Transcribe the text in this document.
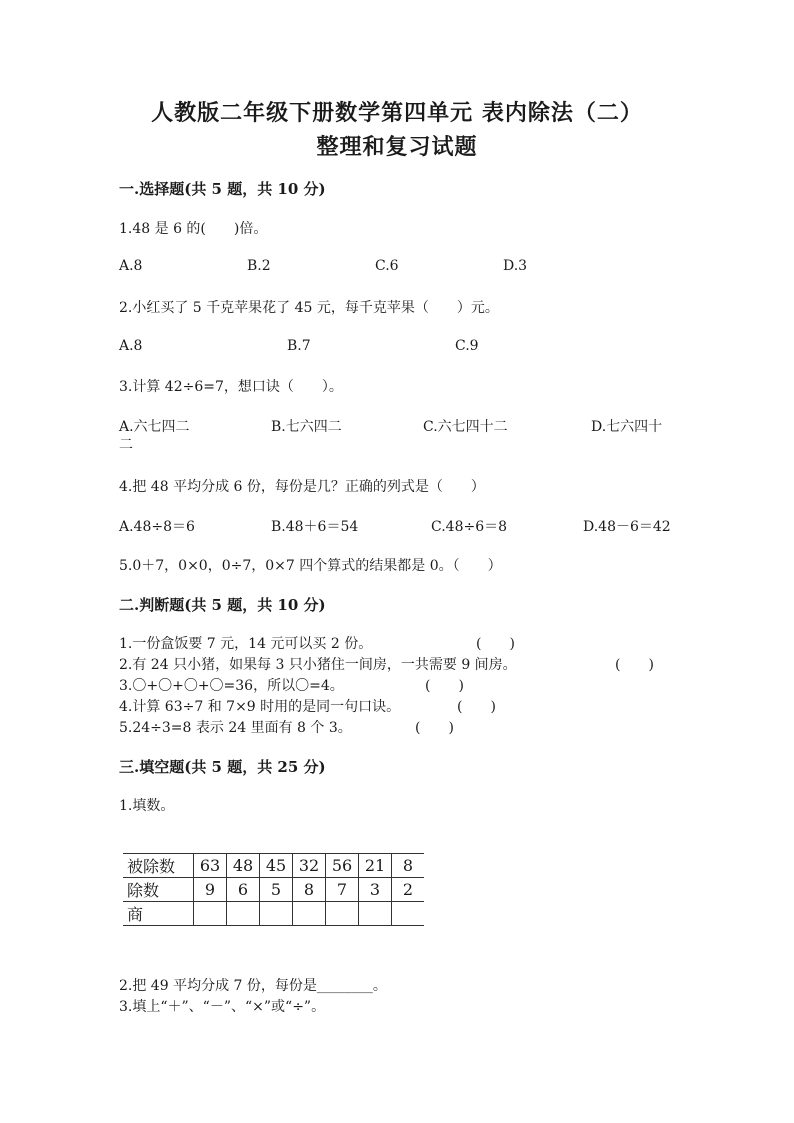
人教版二年级下册数学第四单元 表内除法（二）
整理和复习试题
一.选择题(共 5 题，共 10 分)
1.48 是 6 的(　　)倍。
A.8	B.2	C.6	D.3
2.小红买了 5 千克苹果花了 45 元，每千克苹果（　　）元。
A.8	B.7	C.9
3.计算 42÷6=7，想口诀（　　）。
A.六七四二	B.七六四二	C.六七四十二	D.七六四十
二
4.把 48 平均分成 6 份，每份是几？正确的列式是（　　）
A.48÷8＝6	B.48＋6＝54	C.48÷6＝8	D.48－6＝42
5.0＋7，0×0，0÷7，0×7 四个算式的结果都是 0。（　　）
二.判断题(共 5 题，共 10 分)
1.一份盒饭要 7 元，14 元可以买 2 份。	(　　)
2.有 24 只小猪，如果每 3 只小猪住一间房，一共需要 9 间房。	(　　)
3.〇+〇+〇+〇=36，所以〇=4。	(　　)
4.计算 63÷7 和 7×9 时用的是同一句口诀。	(　　)
5.24÷3=8 表示 24 里面有 8 个 3。	(　　)
三.填空题(共 5 题，共 25 分)
1.填数。
被除数	63	48	45	32	56	21	8
除数	9	6	5	8	7	3	2
商							
2.把 49 平均分成 7 份，每份是________。
3.填上“＋”、“－”、“×”或“÷”。
